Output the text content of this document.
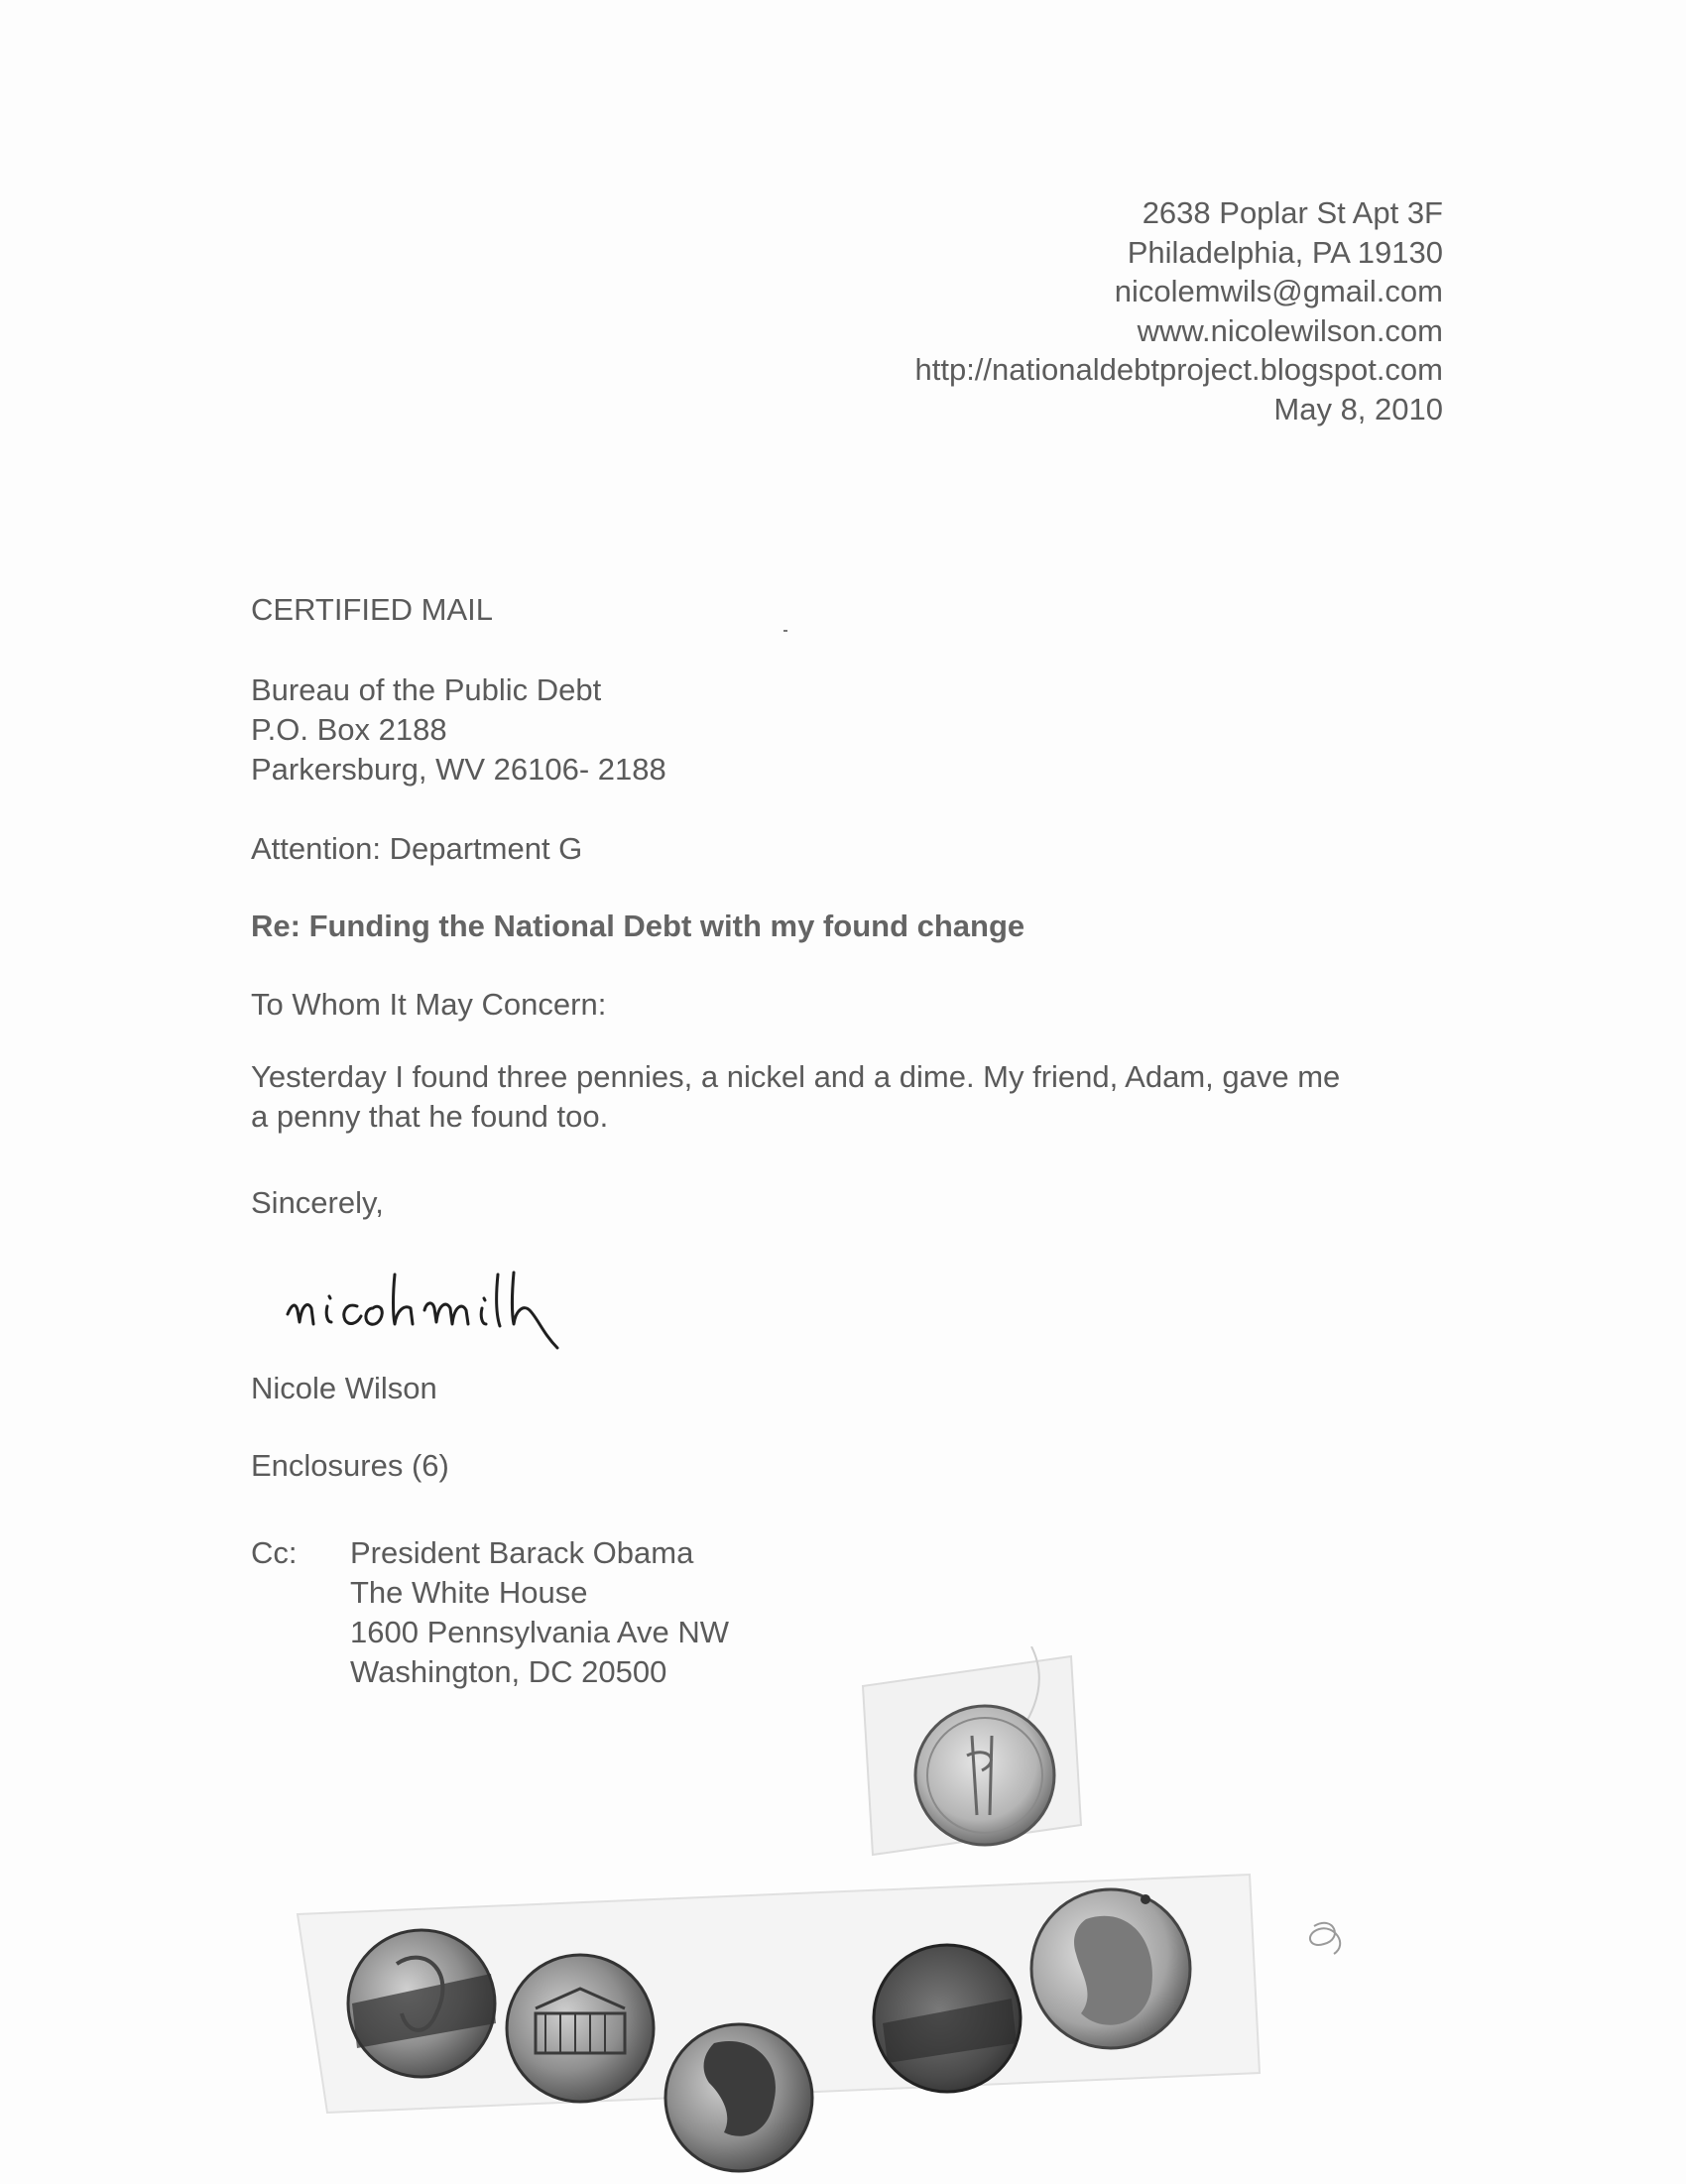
2638 Poplar St Apt 3F
Philadelphia, PA 19130
nicolemwils@gmail.com
www.nicolewilson.com
http://nationaldebtproject.blogspot.com
May 8, 2010
CERTIFIED MAIL
Bureau of the Public Debt
P.O. Box 2188
Parkersburg, WV 26106- 2188
Attention: Department G
Re: Funding the National Debt with my found change
To Whom It May Concern:
Yesterday I found three pennies, a nickel and a dime. My friend, Adam, gave me
a penny that he found too.
Sincerely,
Nicole Wilson
Enclosures (6)
Cc: President Barack Obama
The White House
1600 Pennsylvania Ave NW
Washington, DC 20500
